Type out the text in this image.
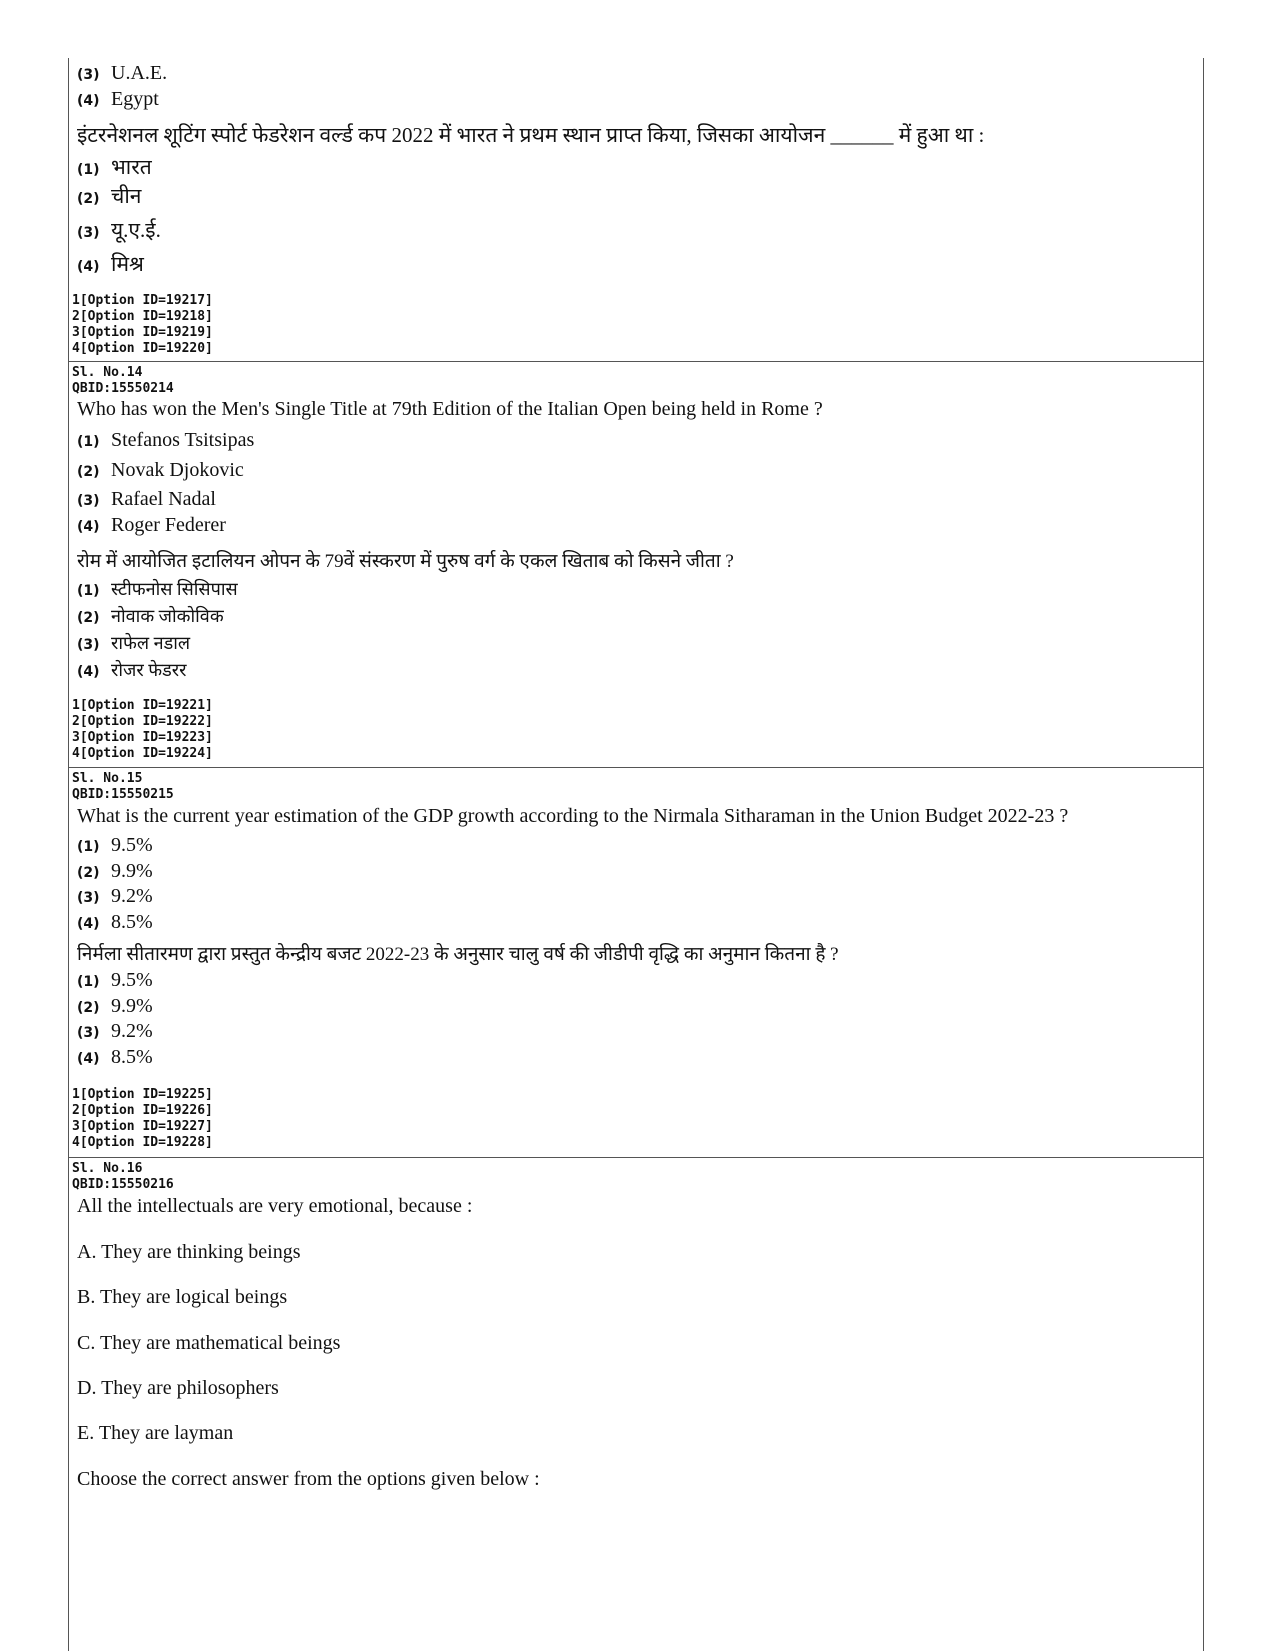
(3) U.A.E.
(4) Egypt
इंटरनेशनल शूटिंग स्पोर्ट फेडरेशन वर्ल्ड कप 2022 में भारत ने प्रथम स्थान प्राप्त किया, जिसका आयोजन ______ में हुआ था :
(1) भारत
(2) चीन
(3) यू.ए.ई.
(4) मिश्र
1[Option ID=19217]
2[Option ID=19218]
3[Option ID=19219]
4[Option ID=19220]
Sl. No.14
QBID:15550214
Who has won the Men's Single Title at 79th Edition of the Italian Open being held in Rome ?
(1) Stefanos Tsitsipas
(2) Novak Djokovic
(3) Rafael Nadal
(4) Roger Federer
रोम में आयोजित इटालियन ओपन के 79वें संस्करण में पुरुष वर्ग के एकल खिताब को किसने जीता ?
(1) स्टीफनोस सिसिपास
(2) नोवाक जोकोविक
(3) राफेल नडाल
(4) रोजर फेडरर
1[Option ID=19221]
2[Option ID=19222]
3[Option ID=19223]
4[Option ID=19224]
Sl. No.15
QBID:15550215
What is the current year estimation of the GDP growth according to the Nirmala Sitharaman in the Union Budget 2022-23 ?
(1) 9.5%
(2) 9.9%
(3) 9.2%
(4) 8.5%
निर्मला सीतारमण द्वारा प्रस्तुत केन्द्रीय बजट 2022-23 के अनुसार चालु वर्ष की जीडीपी वृद्धि का अनुमान कितना है ?
(1) 9.5%
(2) 9.9%
(3) 9.2%
(4) 8.5%
1[Option ID=19225]
2[Option ID=19226]
3[Option ID=19227]
4[Option ID=19228]
Sl. No.16
QBID:15550216
All the intellectuals are very emotional, because :
A. They are thinking beings
B. They are logical beings
C. They are mathematical beings
D. They are philosophers
E. They are layman
Choose the correct answer from the options given below :
